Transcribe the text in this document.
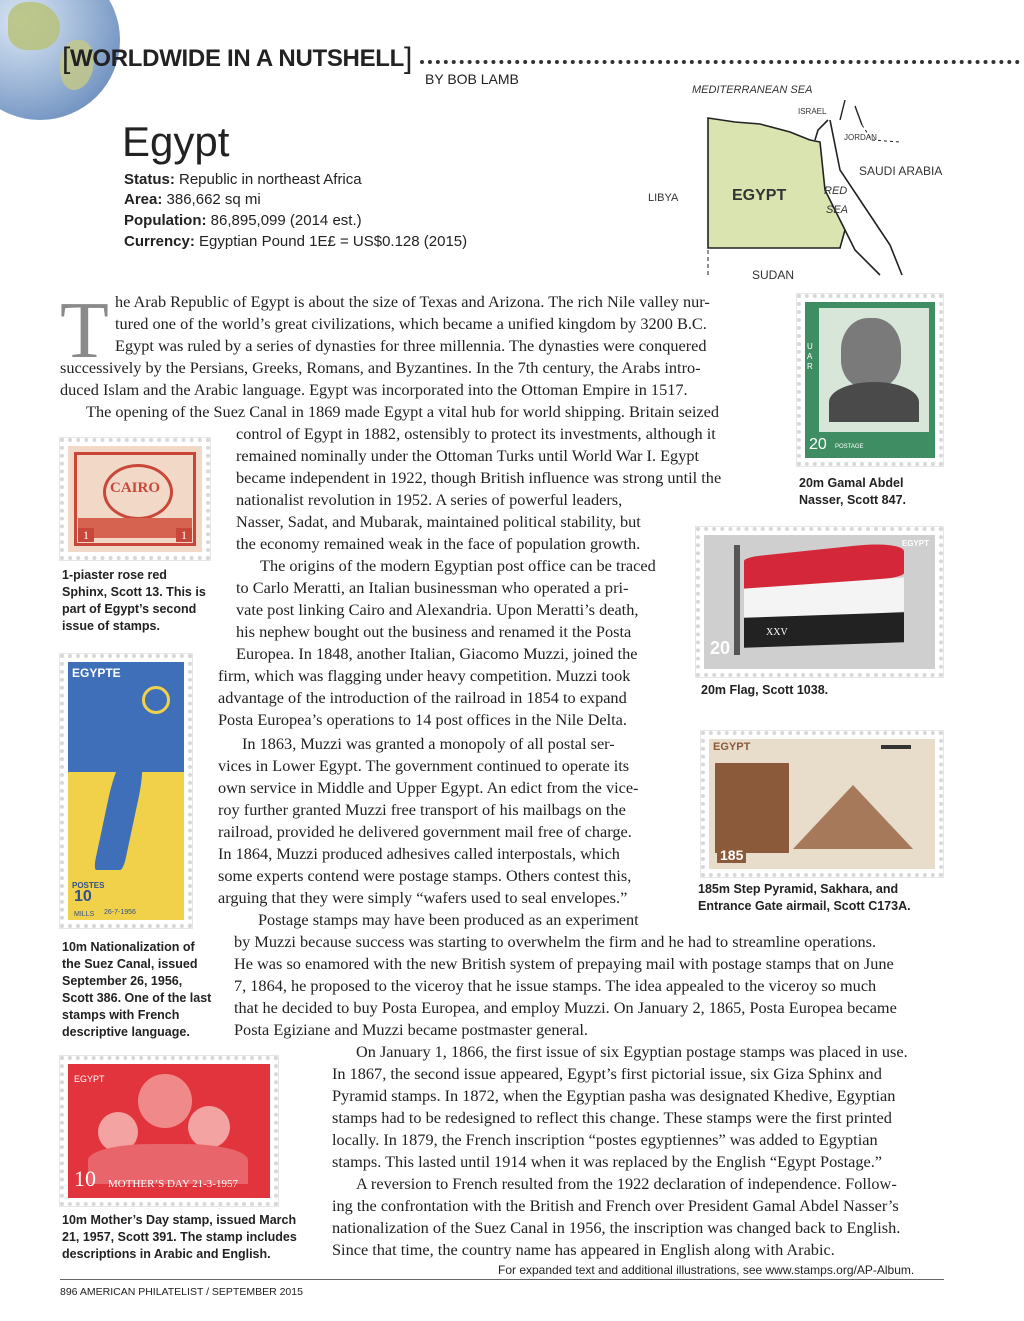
[WORLDWIDE IN A NUTSHELL]
BY BOB LAMB
Egypt
Status: Republic in northeast Africa
Area: 386,662 sq mi
Population: 86,895,099 (2014 est.)
Currency: Egyptian Pound 1E£ = US$0.128 (2015)
MEDITERRANEAN SEA
ISRAEL
JORDAN
SAUDI ARABIA
LIBYA	EGYPT	RED
SEA
SUDAN
T he Arab Republic of Egypt is about the size of Texas and Arizona. The rich Nile valley nur-
tured one of the world’s great civilizations, which became a unified kingdom by 3200 B.C.
Egypt was ruled by a series of dynasties for three millennia. The dynasties were conquered
successively by the Persians, Greeks, Romans, and Byzantines. In the 7th century, the Arabs intro-
duced Islam and the Arabic language. Egypt was incorporated into the Ottoman Empire in 1517.
The opening of the Suez Canal in 1869 made Egypt a vital hub for world shipping. Britain seized
control of Egypt in 1882, ostensibly to protect its investments, although it
remained nominally under the Ottoman Turks until World War I. Egypt
became independent in 1922, though British influence was strong until the
nationalist revolution in 1952. A series of powerful leaders,
Nasser, Sadat, and Mubarak, maintained political stability, but
the economy remained weak in the face of population growth.
The origins of the modern Egyptian post office can be traced
to Carlo Meratti, an Italian businessman who operated a pri-
vate post linking Cairo and Alexandria. Upon Meratti’s death,
his nephew bought out the business and renamed it the Posta
Europea. In 1848, another Italian, Giacomo Muzzi, joined the
firm, which was flagging under heavy competition. Muzzi took
advantage of the introduction of the railroad in 1854 to expand
Posta Europea’s operations to 14 post offices in the Nile Delta.
In 1863, Muzzi was granted a monopoly of all postal ser-
vices in Lower Egypt. The government continued to operate its
own service in Middle and Upper Egypt. An edict from the vice-
roy further granted Muzzi free transport of his mailbags on the
railroad, provided he delivered government mail free of charge.
In 1864, Muzzi produced adhesives called interpostals, which
some experts contend were postage stamps. Others contest this,
arguing that they were simply “wafers used to seal envelopes.”
Postage stamps may have been produced as an experiment
by Muzzi because success was starting to overwhelm the firm and he had to streamline operations.
He was so enamored with the new British system of prepaying mail with postage stamps that on June
7, 1864, he proposed to the viceroy that he issue stamps. The idea appealed to the viceroy so much
that he decided to buy Posta Europea, and employ Muzzi. On January 2, 1865, Posta Europea became
Posta Egiziane and Muzzi became postmaster general.
On January 1, 1866, the first issue of six Egyptian postage stamps was placed in use.
In 1867, the second issue appeared, Egypt’s first pictorial issue, six Giza Sphinx and
Pyramid stamps. In 1872, when the Egyptian pasha was designated Khedive, Egyptian
stamps had to be redesigned to reflect this change. These stamps were the first printed
locally. In 1879, the French inscription “postes egyptiennes” was added to Egyptian
stamps. This lasted until 1914 when it was replaced by the English “Egypt Postage.”
A reversion to French resulted from the 1922 declaration of independence. Follow-
ing the confrontation with the British and French over President Gamal Abdel Nasser’s
nationalization of the Suez Canal in 1956, the inscription was changed back to English.
Since that time, the country name has appeared in English along with Arabic.
CAIRO
1	1
1-piaster rose red Sphinx, Scott 13. This is part of Egypt’s second issue of stamps.
EGYPTE
POSTES
10
MILLS 26-7-1956
10m Nationalization of the Suez Canal, issued September 26, 1956, Scott 386. One of the last stamps with French descriptive language.
EGYPT
10 MOTHER’S DAY 21-3-1957
10m Mother’s Day stamp, issued March 21, 1957, Scott 391. The stamp includes descriptions in Arabic and English.
UAR
20 POSTAGE
20m Gamal Abdel Nasser, Scott 847.
EGYPT
20
XXV
20m Flag, Scott 1038.
EGYPT
185
185m Step Pyramid, Sakhara, and Entrance Gate airmail, Scott C173A.
For expanded text and additional illustrations, see www.stamps.org/AP-Album.
896 AMERICAN PHILATELIST / SEPTEMBER 2015
